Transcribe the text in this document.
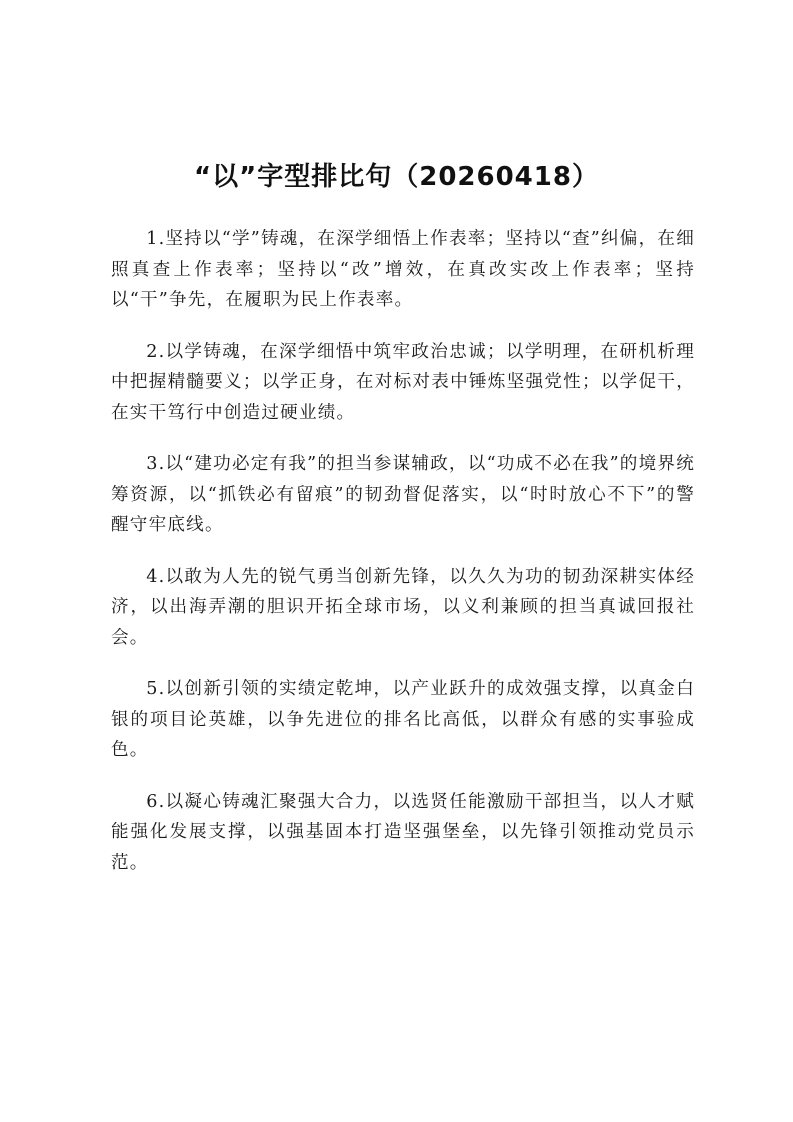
“以”字型排比句（20260418）

1.坚持以“学”铸魂，在深学细悟上作表率；坚持以“查”纠偏，在细照真查上作表率；坚持以“改”增效，在真改实改上作表率；坚持以“干”争先，在履职为民上作表率。

2.以学铸魂，在深学细悟中筑牢政治忠诚；以学明理，在研机析理中把握精髓要义；以学正身，在对标对表中锤炼坚强党性；以学促干，在实干笃行中创造过硬业绩。

3.以“建功必定有我”的担当参谋辅政，以“功成不必在我”的境界统筹资源，以“抓铁必有留痕”的韧劲督促落实，以“时时放心不下”的警醒守牢底线。

4.以敢为人先的锐气勇当创新先锋，以久久为功的韧劲深耕实体经济，以出海弄潮的胆识开拓全球市场，以义利兼顾的担当真诚回报社会。

5.以创新引领的实绩定乾坤，以产业跃升的成效强支撑，以真金白银的项目论英雄，以争先进位的排名比高低，以群众有感的实事验成色。

6.以凝心铸魂汇聚强大合力，以选贤任能激励干部担当，以人才赋能强化发展支撑，以强基固本打造坚强堡垒，以先锋引领推动党员示范。
